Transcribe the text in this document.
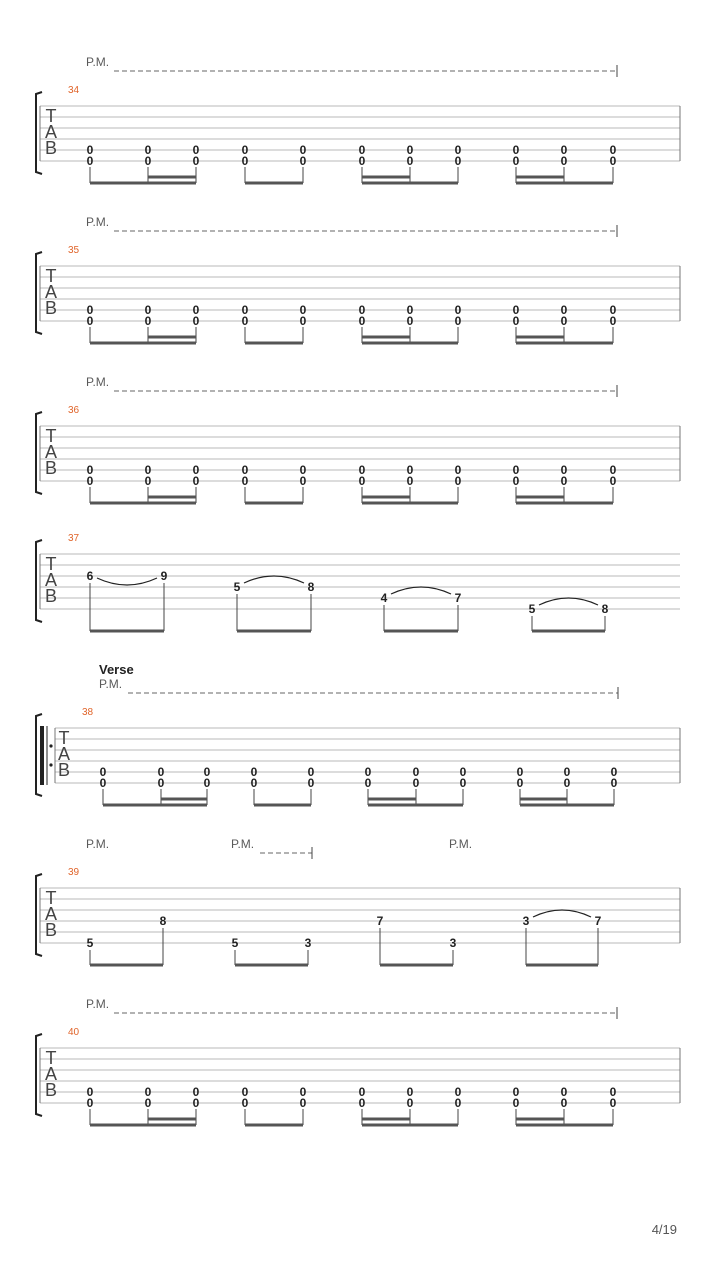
T
A
B
34
P.M.
0
0
0
0
0
0
0
0
0
0
0
0
0
0
0
0
0
0
0
0
0
0
T
A
B
35
P.M.
0
0
0
0
0
0
0
0
0
0
0
0
0
0
0
0
0
0
0
0
0
0
T
A
B
36
P.M.
0
0
0
0
0
0
0
0
0
0
0
0
0
0
0
0
0
0
0
0
0
0
T
A
B
37
6	9
5	8
4	7
5	8
T
A
B
38
Verse
P.M.
0
0
0
0
0
0
0
0
0
0
0
0
0
0
0
0
0
0
0
0
0
0
T
A
B
39
P.M.	P.M.	P.M.
5
8
5	3
7
3
3	7
T
A
B
40
P.M.
0
0
0
0
0
0
0
0
0
0
0
0
0
0
0
0
0
0
0
0
0
0
4/19
